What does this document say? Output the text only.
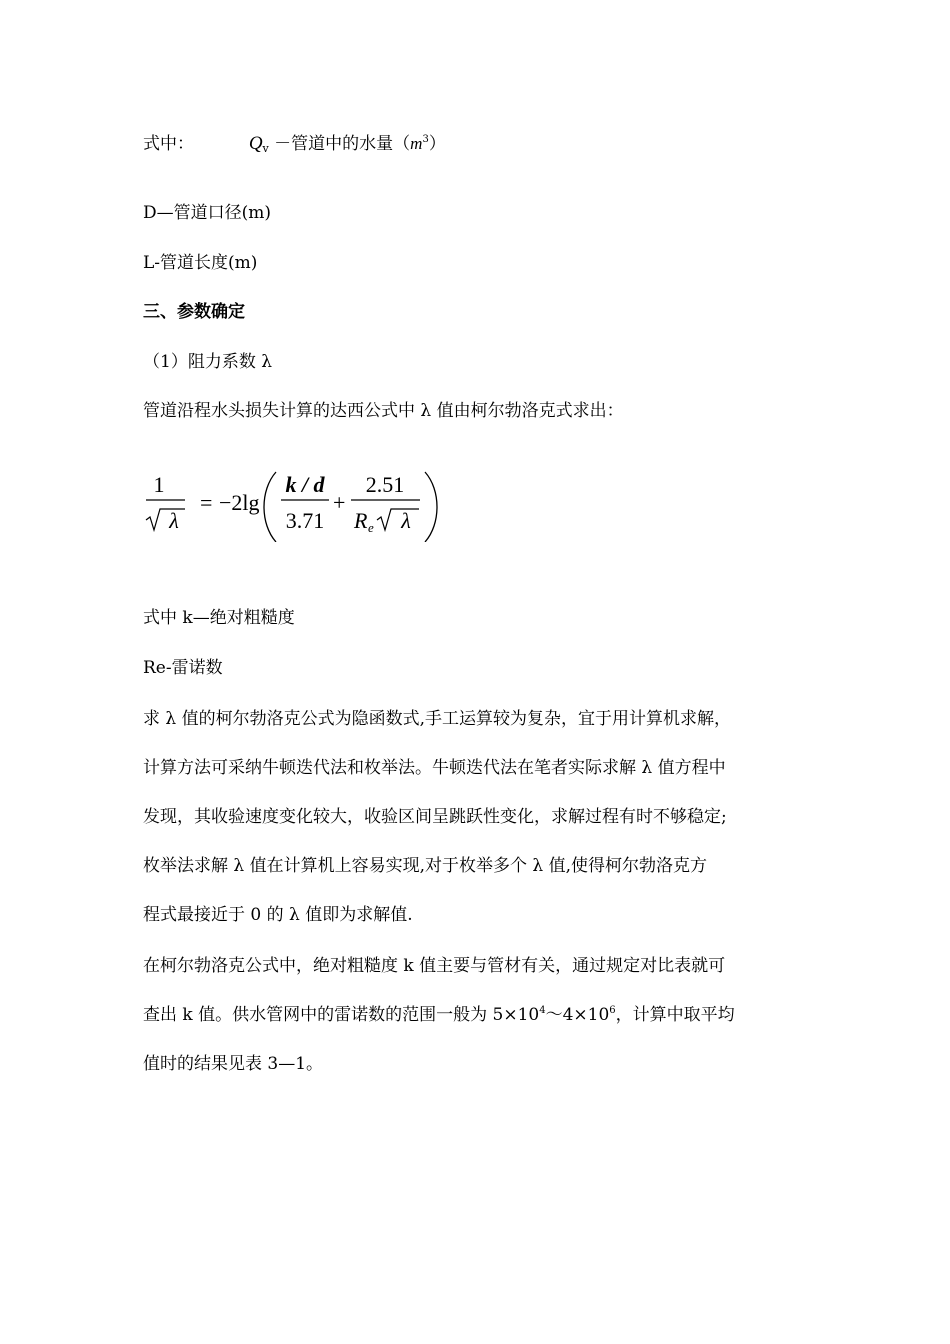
式中：	Qv －管道中的水量$(m^3)$
D—管道口径(m)
L-管道长度(m)
三、参数确定
（1）阻力系数 λ
管道沿程水头损失计算的达西公式中 λ 值由柯尔勃洛克式求出：
1
λ
= −2lg
k / d
3.71
+
2.51
R e λ
式中 k—绝对粗糙度
Re-雷诺数
求 λ 值的柯尔勃洛克公式为隐函数式,手工运算较为复杂，宜于用计算机求解，
计算方法可采纳牛顿迭代法和枚举法。牛顿迭代法在笔者实际求解 λ 值方程中
发现，其收验速度变化较大，收验区间呈跳跃性变化，求解过程有时不够稳定;
枚举法求解 λ 值在计算机上容易实现,对于枚举多个 λ 值,使得柯尔勃洛克方
程式最接近于 0 的 λ 值即为求解值.
在柯尔勃洛克公式中，绝对粗糙度 k 值主要与管材有关，通过规定对比表就可
查出 k 值。供水管网中的雷诺数的范围一般为 $5\times 10^4\sim 4\times 10^6$，计算中取平均
值时的结果见表 3—1。
